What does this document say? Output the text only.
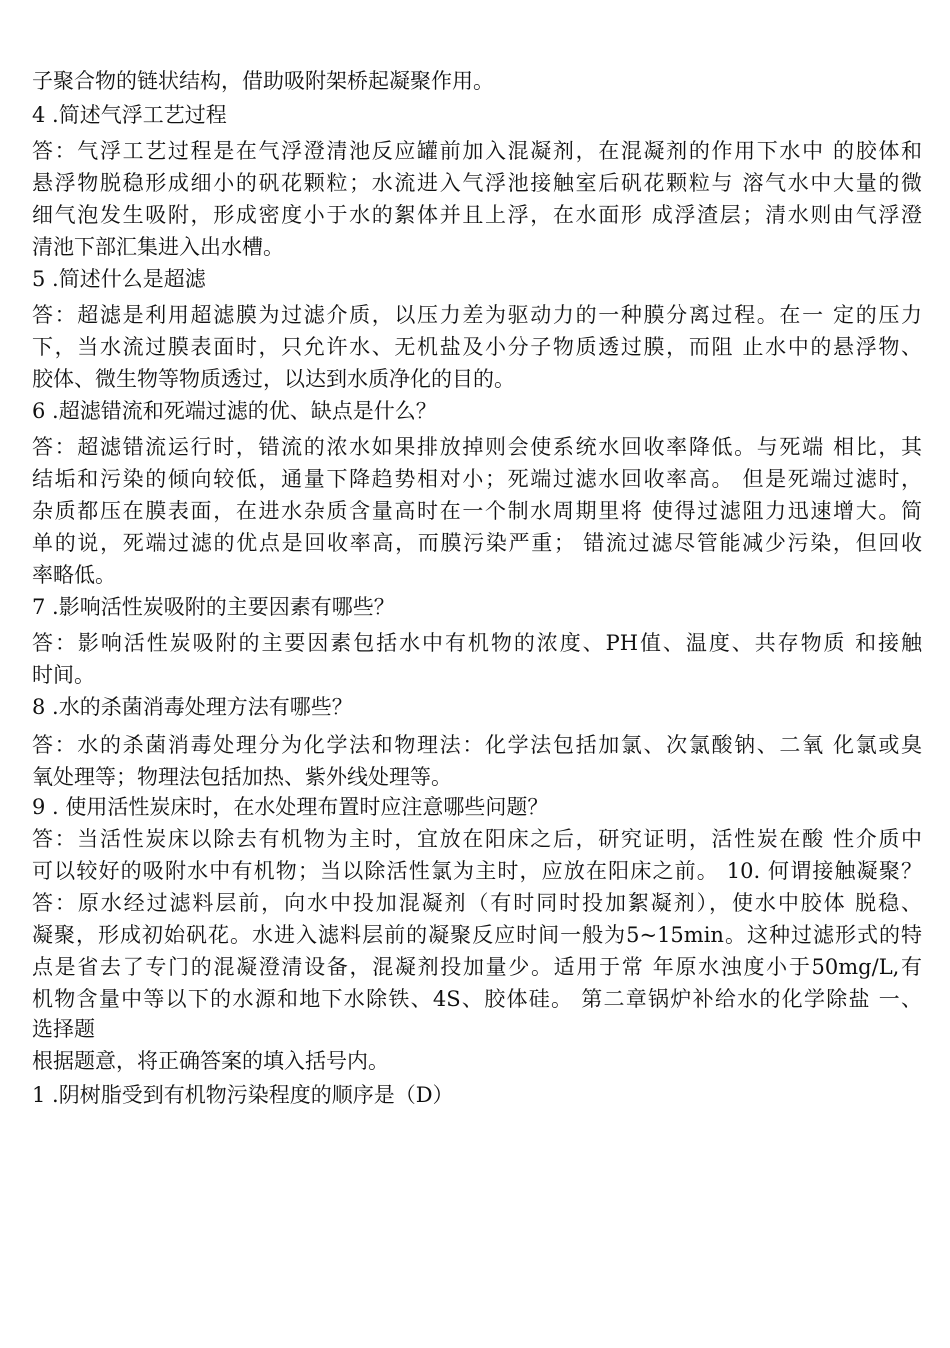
子聚合物的链状结构，借助吸附架桥起凝聚作用。
4 .简述气浮工艺过程
答：气浮工艺过程是在气浮澄清池反应罐前加入混凝剂，在混凝剂的作用下水中 的胶体和
悬浮物脱稳形成细小的矾花颗粒；水流进入气浮池接触室后矾花颗粒与 溶气水中大量的微
细气泡发生吸附，形成密度小于水的絮体并且上浮，在水面形 成浮渣层；清水则由气浮澄
清池下部汇集进入出水槽。
5 .简述什么是超滤
答：超滤是利用超滤膜为过滤介质，以压力差为驱动力的一种膜分离过程。在一 定的压力
下，当水流过膜表面时，只允许水、无机盐及小分子物质透过膜，而阻 止水中的悬浮物、
胶体、微生物等物质透过，以达到水质净化的目的。
6 .超滤错流和死端过滤的优、缺点是什么？
答：超滤错流运行时，错流的浓水如果排放掉则会使系统水回收率降低。与死端 相比，其
结垢和污染的倾向较低，通量下降趋势相对小；死端过滤水回收率高。 但是死端过滤时，
杂质都压在膜表面，在进水杂质含量高时在一个制水周期里将 使得过滤阻力迅速增大。简
单的说，死端过滤的优点是回收率高，而膜污染严重； 错流过滤尽管能减少污染，但回收
率略低。
7 .影响活性炭吸附的主要因素有哪些？
答：影响活性炭吸附的主要因素包括水中有机物的浓度、PH值、温度、共存物质 和接触
时间。
8 .水的杀菌消毒处理方法有哪些？
答：水的杀菌消毒处理分为化学法和物理法：化学法包括加氯、次氯酸钠、二氧 化氯或臭
氧处理等；物理法包括加热、紫外线处理等。
9 . 使用活性炭床时，在水处理布置时应注意哪些问题？
答：当活性炭床以除去有机物为主时，宜放在阳床之后，研究证明，活性炭在酸 性介质中
可以较好的吸附水中有机物；当以除活性氯为主时，应放在阳床之前。 10. 何谓接触凝聚？
答：原水经过滤料层前，向水中投加混凝剂（有时同时投加絮凝剂），使水中胶体 脱稳、
凝聚，形成初始矾花。水进入滤料层前的凝聚反应时间一般为5~15min。这种过滤形式的特
点是省去了专门的混凝澄清设备，混凝剂投加量少。适用于常 年原水浊度小于50mg/L,有
机物含量中等以下的水源和地下水除铁、4S、胶体硅。 第二章锅炉补给水的化学除盐 一、
选择题
根据题意，将正确答案的填入括号内。
1 .阴树脂受到有机物污染程度的顺序是（D）
